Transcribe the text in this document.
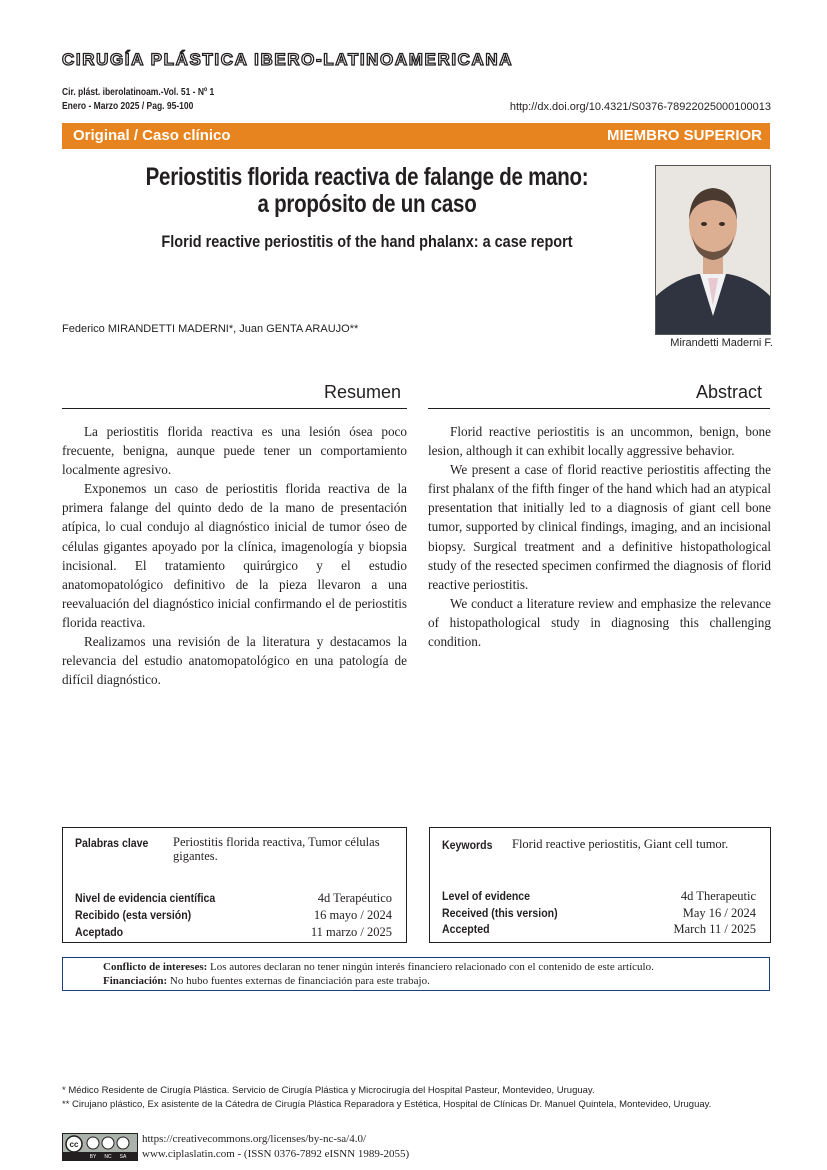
CIRUGÍA PLÁSTICA IBERO-LATINOAMERICANA
Cir. plást. iberolatinoam.-Vol. 51 - Nº 1
Enero - Marzo 2025 / Pag. 95-100	http://dx.doi.org/10.4321/S0376-78922025000100013
Original / Caso clínico	MIEMBRO SUPERIOR
Periostitis florida reactiva de falange de mano:
a propósito de un caso
Florid reactive periostitis of the hand phalanx: a case report
Mirandetti Maderni F.
Federico MIRANDETTI MADERNI*, Juan GENTA ARAUJO**
Resumen	Abstract

La periostitis florida reactiva es una lesión ósea poco frecuente, benigna, aunque puede tener un comportamiento localmente agresivo.

Exponemos un caso de periostitis florida reactiva de la primera falange del quinto dedo de la mano de presentación atípica, lo cual condujo al diagnóstico inicial de tumor óseo de células gigantes apoyado por la clínica, imagenología y biopsia incisional. El tratamiento quirúrgico y el estudio anatomopatológico definitivo de la pieza llevaron a una reevaluación del diagnóstico inicial confirmando el de periostitis florida reactiva.

Realizamos una revisión de la literatura y destacamos la relevancia del estudio anatomopatológico en una patología de difícil diagnóstico.

Florid reactive periostitis is an uncommon, benign, bone lesion, although it can exhibit locally aggressive behavior.

We present a case of florid reactive periostitis affecting the first phalanx of the fifth finger of the hand which had an atypical presentation that initially led to a diagnosis of giant cell bone tumor, supported by clinical findings, imaging, and an incisional biopsy. Surgical treatment and a definitive histopathological study of the resected specimen confirmed the diagnosis of florid reactive periostitis.

We conduct a literature review and emphasize the relevance of histopathological study in diagnosing this challenging condition.

Palabras clave	Periostitis florida reactiva, Tumor células gigantes.
Nivel de evidencia científica	4d Terapéutico
Recibido (esta versión)	16 mayo / 2024
Aceptado	11 marzo / 2025
Keywords	Florid reactive periostitis, Giant cell tumor.
Level of evidence	4d Therapeutic
Received (this version)	May 16 / 2024
Accepted	March 11 / 2025
Conflicto de intereses: Los autores declaran no tener ningún interés financiero relacionado con el contenido de este artículo.
Financiación: No hubo fuentes externas de financiación para este trabajo.
* Médico Residente de Cirugía Plástica. Servicio de Cirugía Plástica y Microcirugía del Hospital Pasteur, Montevideo, Uruguay.
** Cirujano plástico, Ex asistente de la Cátedra de Cirugía Plástica Reparadora y Estética, Hospital de Clínicas Dr. Manuel Quintela, Montevideo, Uruguay.
cc
BY NC SA
https://creativecommons.org/licenses/by-nc-sa/4.0/
www.ciplaslatin.com - (ISSN 0376-7892 eISNN 1989-2055)
